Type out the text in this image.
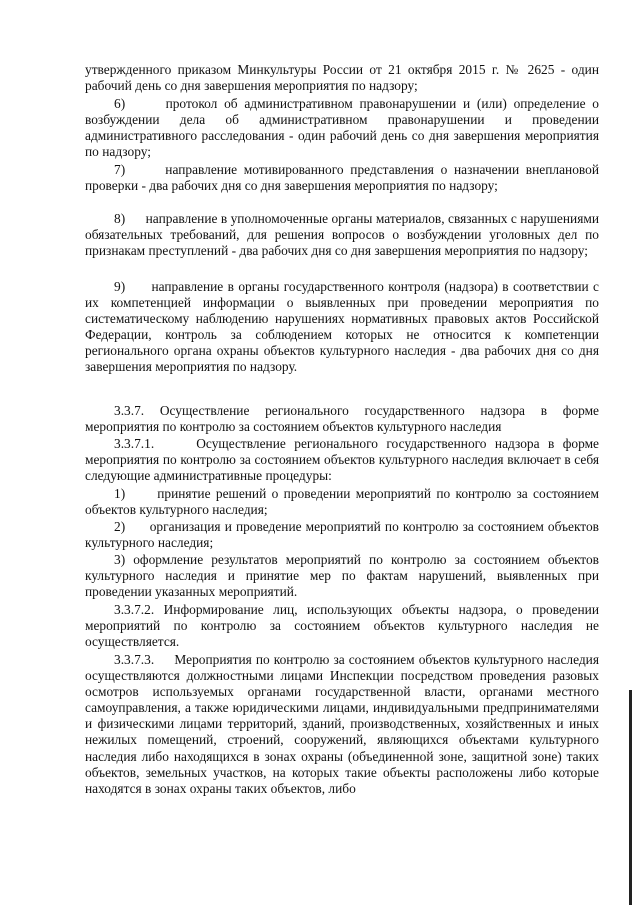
утвержденного приказом Минкультуры России от 21 октября 2015 г. № 2625 - один рабочий день со дня завершения мероприятия по надзору;

6)      протокол об административном правонарушении и (или) определение о возбуждении дела об административном правонарушении и проведении административного расследования - один рабочий день со дня завершения мероприятия по надзору;

7)      направление мотивированного представления о назначении внеплановой проверки - два рабочих дня со дня завершения мероприятия по надзору;

8)      направление в уполномоченные органы материалов, связанных с нарушениями обязательных требований, для решения вопросов о возбуждении уголовных дел по признакам преступлений - два рабочих дня со дня завершения мероприятия по надзору;

9)      направление в органы государственного контроля (надзора) в соответствии с их компетенцией информации о выявленных при проведении мероприятия по систематическому наблюдению нарушениях нормативных правовых актов Российской Федерации, контроль за соблюдением которых не относится к компетенции регионального органа охраны объектов культурного наследия - два рабочих дня со дня завершения мероприятия по надзору.

3.3.7. Осуществление регионального государственного надзора в форме мероприятия по контролю за состоянием объектов культурного наследия

3.3.7.1.     Осуществление регионального государственного надзора в форме мероприятия по контролю за состоянием объектов культурного наследия включает в себя следующие административные процедуры:

1)      принятие решений о проведении мероприятий по контролю за состоянием объектов культурного наследия;

2)      организация и проведение мероприятий по контролю за состоянием объектов культурного наследия;

3) оформление результатов мероприятий по контролю за состоянием объектов культурного наследия и принятие мер по фактам нарушений, выявленных при проведении указанных мероприятий.

3.3.7.2. Информирование лиц, использующих объекты надзора, о проведении мероприятий по контролю за состоянием объектов культурного наследия не осуществляется.

3.3.7.3.     Мероприятия по контролю за состоянием объектов культурного наследия осуществляются должностными лицами Инспекции посредством проведения разовых осмотров используемых органами государственной власти, органами местного самоуправления, а также юридическими лицами, индивидуальными предпринимателями и физическими лицами территорий, зданий, производственных, хозяйственных и иных нежилых помещений, строений, сооружений, являющихся объектами культурного наследия либо находящихся в зонах охраны (объединенной зоне, защитной зоне) таких объектов, земельных участков, на которых такие объекты расположены либо которые находятся в зонах охраны таких объектов, либо
